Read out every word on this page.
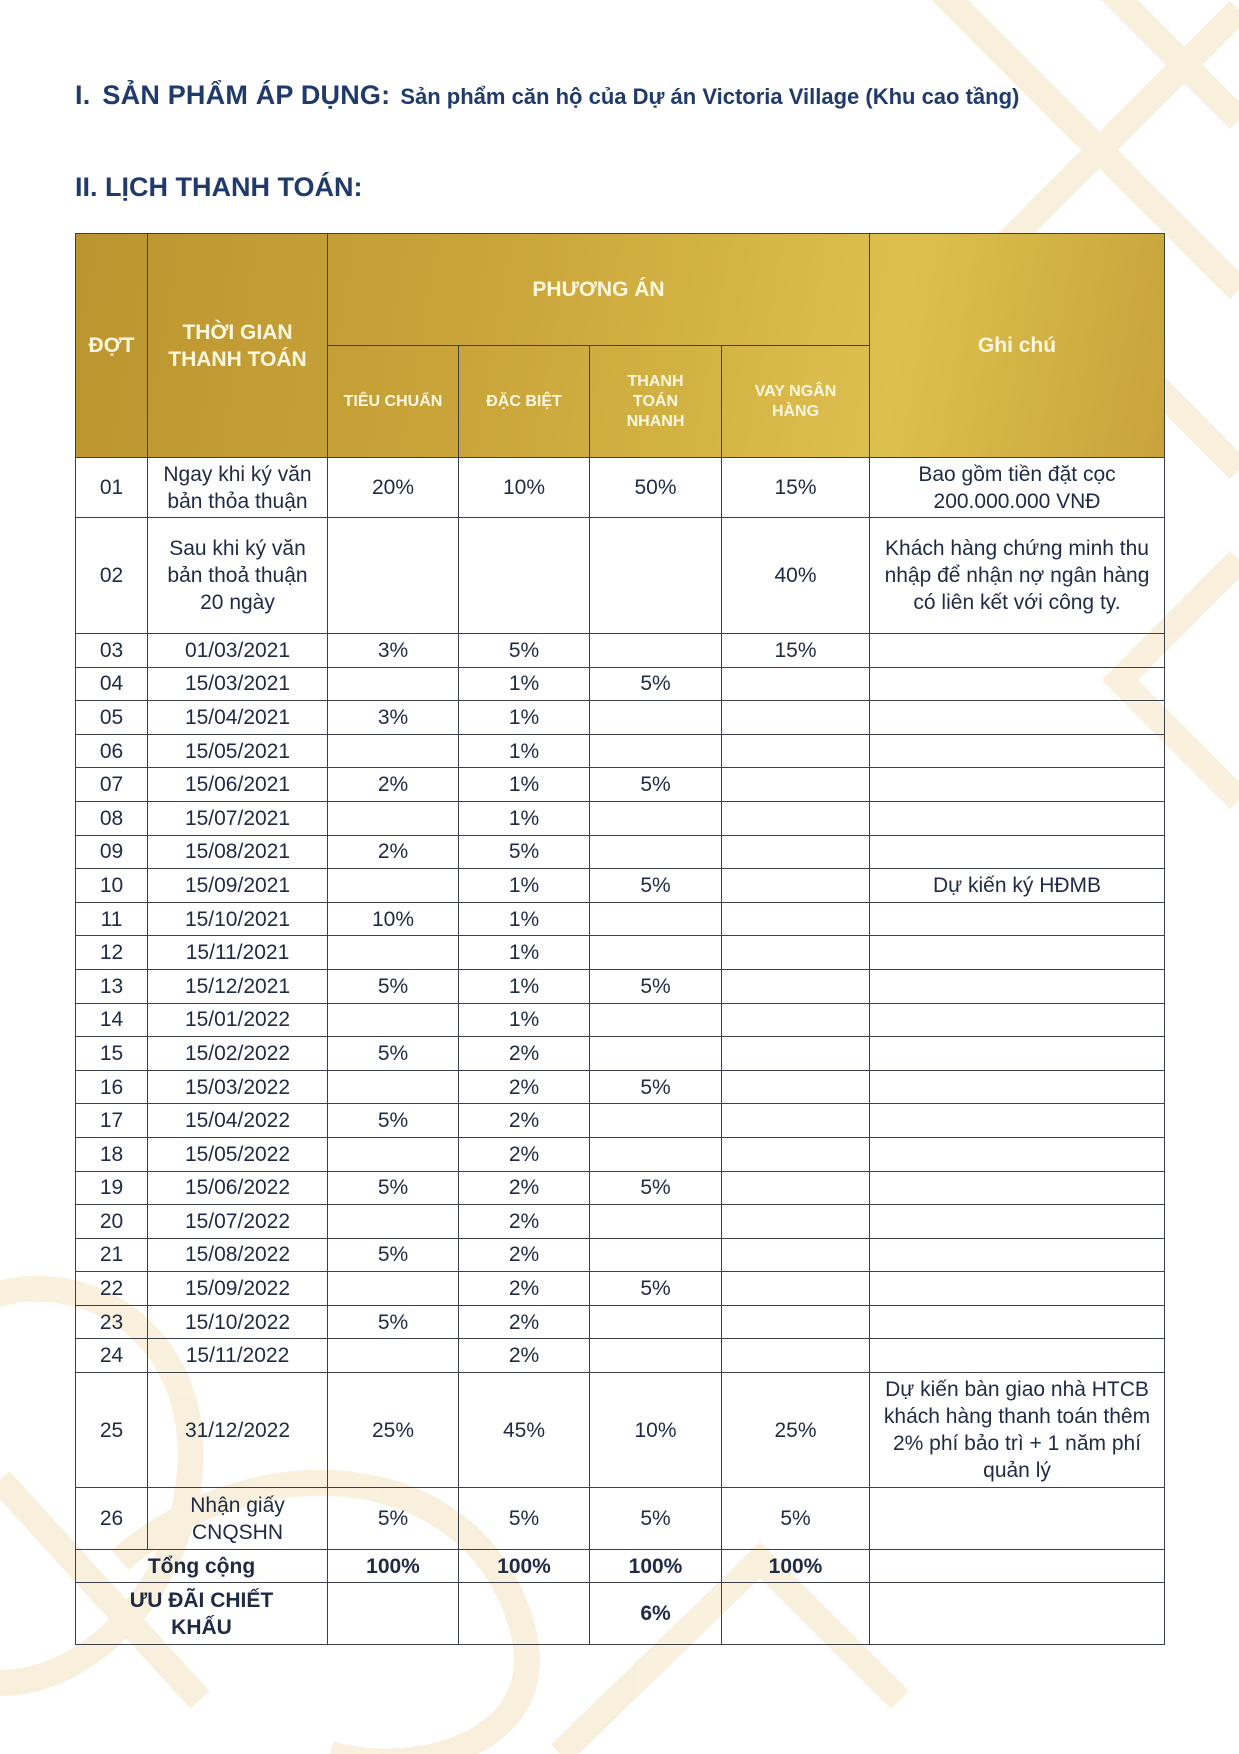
I. SẢN PHẨM ÁP DỤNG: Sản phẩm căn hộ của Dự án Victoria Village (Khu cao tầng)
II. LỊCH THANH TOÁN:
ĐỢT	THỜI GIAN THANH TOÁN	PHƯƠNG ÁN				Ghi chú
		TIÊU CHUẨN	ĐẶC BIỆT	THANH TOÁN NHANH	VAY NGÂN HÀNG	
01	Ngay khi ký văn bản thỏa thuận	20%	10%	50%	15%	Bao gồm tiền đặt cọc 200.000.000 VNĐ
02	Sau khi ký văn bản thoả thuận 20 ngày				40%	Khách hàng chứng minh thu nhập để nhận nợ ngân hàng có liên kết với công ty.
03	01/03/2021	3%	5%		15%	
04	15/03/2021		1%	5%		
05	15/04/2021	3%	1%			
06	15/05/2021		1%			
07	15/06/2021	2%	1%	5%		
08	15/07/2021		1%			
09	15/08/2021	2%	5%			
10	15/09/2021		1%	5%		Dự kiến ký HĐMB
11	15/10/2021	10%	1%			
12	15/11/2021		1%			
13	15/12/2021	5%	1%	5%		
14	15/01/2022		1%			
15	15/02/2022	5%	2%			
16	15/03/2022		2%	5%		
17	15/04/2022	5%	2%			
18	15/05/2022		2%			
19	15/06/2022	5%	2%	5%		
20	15/07/2022		2%			
21	15/08/2022	5%	2%			
22	15/09/2022		2%	5%		
23	15/10/2022	5%	2%			
24	15/11/2022		2%			
25	31/12/2022	25%	45%	10%	25%	Dự kiến bàn giao nhà HTCB khách hàng thanh toán thêm 2% phí bảo trì + 1 năm phí quản lý
26	Nhận giấy CNQSHN	5%	5%	5%	5%	
Tổng cộng		100%	100%	100%	100%	
ƯU ĐÃI CHIẾT KHẤU				6%		
